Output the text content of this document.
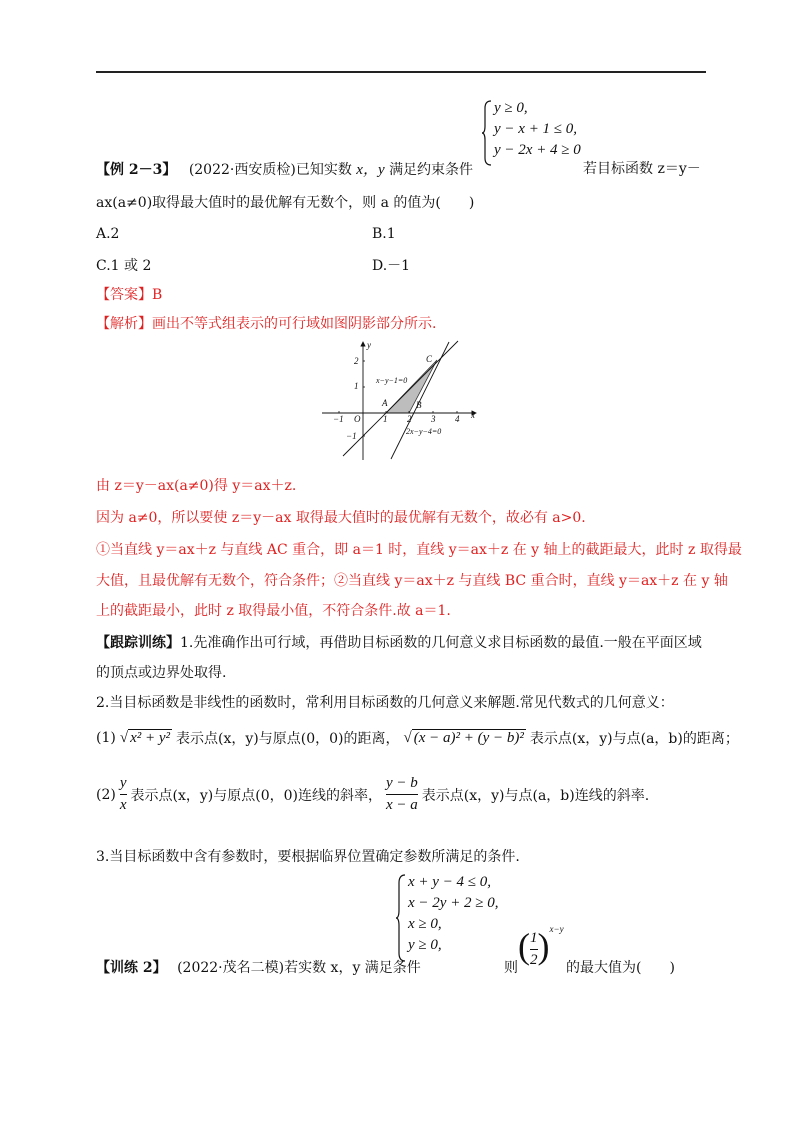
y ≥ 0,
y − x + 1 ≤ 0,
y − 2x + 4 ≥ 0
【例 2－3】 (2022·西安质检)已知实数 x，y 满足约束条件	若目标函数 z＝y－
ax(a≠0)取得最大值时的最优解有无数个，则 a 的值为(　　)
A.2	B.1
C.1 或 2	D.－1
【答案】B
【解析】画出不等式组表示的可行域如图阴影部分所示.
−1 O	1 2 3 4 x
2
1
−1
y
A	B
C
x−y−1=0
2x−y−4=0
由 z＝y－ax(a≠0)得 y＝ax＋z.
因为 a≠0，所以要使 z＝y－ax 取得最大值时的最优解有无数个，故必有 a>0.
①当直线 y＝ax＋z 与直线 AC 重合，即 a＝1 时，直线 y＝ax＋z 在 y 轴上的截距最大，此时 z 取得最
大值，且最优解有无数个，符合条件；②当直线 y＝ax＋z 与直线 BC 重合时，直线 y＝ax＋z 在 y 轴
上的截距最小，此时 z 取得最小值，不符合条件.故 a＝1.
【跟踪训练】1.先准确作出可行域，再借助目标函数的几何意义求目标函数的最值.一般在平面区域
的顶点或边界处取得.
2.当目标函数是非线性的函数时，常利用目标函数的几何意义来解题.常见代数式的几何意义：
(1) √ x² + y² 表示点(x，y)与原点(0，0)的距离， √ (x − a)² + (y − b)² 表示点(x，y)与点(a，b)的距离；
$(2) \frac{y}{x}$ 表示点(x，y)与原点(0，0)连线的斜率， $\frac{y - b}{x - a}$ 表示点(x，y)与点(a，b)连线的斜率.
3.当目标函数中含有参数时，要根据临界位置确定参数所满足的条件.
x + y − 4 ≤ 0,
x − 2y + 2 ≥ 0,
x ≥ 0,
y ≥ 0,
【训练 2】 (2022·茂名二模)若实数 x，y 满足条件	则
( $\frac{1}{2}$ ) x−y
的最大值为(　　)
